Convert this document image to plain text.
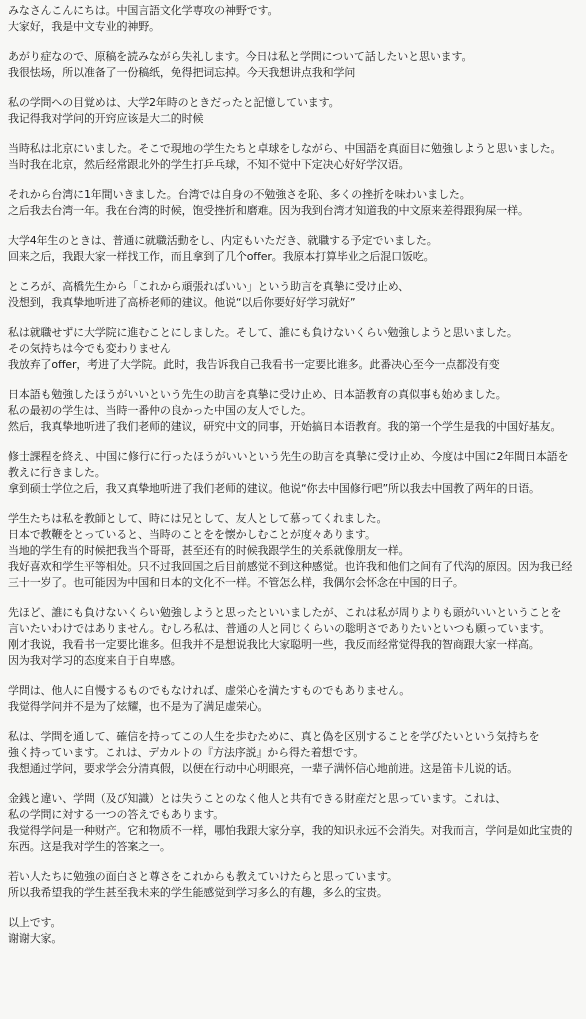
みなさんこんにちは。中国言語文化学専攻の神野です。
大家好，我是中文专业的神野。
あがり症なので、原稿を読みながら失礼します。今日は私と学問について話したいと思います。
我很怯场，所以准备了一份稿纸，免得把词忘掉。今天我想讲点我和学问
私の学問への目覚めは、大学2年時のときだったと記憶しています。
我记得我对学问的开窍应该是大二的时候
当時私は北京にいました。そこで現地の学生たちと卓球をしながら、中国語を真面目に勉強しようと思いました。
当时我在北京，然后经常跟北外的学生打乒乓球，不知不觉中下定决心好好学汉语。
それから台湾に1年間いきました。台湾では自身の不勉強さを恥、多くの挫折を味わいました。
之后我去台湾一年。我在台湾的时候，饱受挫折和磨难。因为我到台湾才知道我的中文原来差得跟狗屎一样。
大学4年生のときは、普通に就職活動をし、内定もいただき、就職する予定でいました。
回来之后，我跟大家一样找工作，而且拿到了几个offer。我原本打算毕业之后混口饭吃。
ところが、高橋先生から「これから頑張ればいい」という助言を真摯に受け止め、
没想到，我真挚地听进了高桥老师的建议。他说“以后你要好好学习就好”
私は就職せずに大学院に進むことにしました。そして、誰にも負けないくらい勉強しようと思いました。
その気持ちは今でも変わりません
我放弃了offer，考进了大学院。此时，我告诉我自己我看书一定要比谁多。此番决心至今一点都没有变
日本語も勉強したほうがいいという先生の助言を真摯に受け止め、日本語教育の真似事も始めました。
私の最初の学生は、当時一番仲の良かった中国の友人でした。
然后，我真挚地听进了我们老师的建议，研究中文的同事，开始搞日本语教育。我的第一个学生是我的中国好基友。
修士課程を終え、中国に修行に行ったほうがいいという先生の助言を真摯に受け止め、今度は中国に2年間日本語を
教えに行きました。
拿到硕士学位之后，我又真挚地听进了我们老师的建议。他说“你去中国修行吧”所以我去中国教了两年的日语。
学生たちは私を教師として、時には兄として、友人として慕ってくれました。
日本で教鞭をとっていると、当時のことをを懐かしむことが度々あります。
当地的学生有的时候把我当个哥哥，甚至还有的时候我跟学生的关系就像朋友一样。
我好喜欢和学生平等相处。只不过我回国之后目前感觉不到这种感觉。也许我和他们之间有了代沟的原因。因为我已经
三十一岁了。也可能因为中国和日本的文化不一样。不管怎么样，我偶尔会怀念在中国的日子。
先ほど、誰にも負けないくらい勉強しようと思ったといいましたが、これは私が周りよりも頭がいいということを
言いたいわけではありません。むしろ私は、普通の人と同じくらいの聡明さでありたいといつも願っています。
刚才我说，我看书一定要比谁多。但我并不是想说我比大家聪明一些，我反而经常觉得我的智商跟大家一样高。
因为我对学习的态度来自于自卑感。
学問は、他人に自慢するものでもなければ、虚栄心を満たすものでもありません。
我觉得学问并不是为了炫耀，也不是为了满足虚荣心。
私は、学問を通して、確信を持ってこの人生を歩むために、真と偽を区別することを学びたいという気持ちを
強く持っています。これは、デカルトの『方法序説』から得た着想です。
我想通过学问，要求学会分清真假，以便在行动中心明眼亮，一辈子满怀信心地前进。这是笛卡儿说的话。
金銭と違い、学問（及び知識）とは失うことのなく他人と共有できる財産だと思っています。これは、
私の学問に対する一つの答えでもあります。
我觉得学问是一种财产。它和物质不一样，哪怕我跟大家分享，我的知识永远不会消失。对我而言，学问是如此宝贵的
东西。这是我对学生的答案之一。
若い人たちに勉強の面白さと尊さをこれからも教えていけたらと思っています。
所以我希望我的学生甚至我未来的学生能感觉到学习多么的有趣，多么的宝贵。
以上です。
谢谢大家。
